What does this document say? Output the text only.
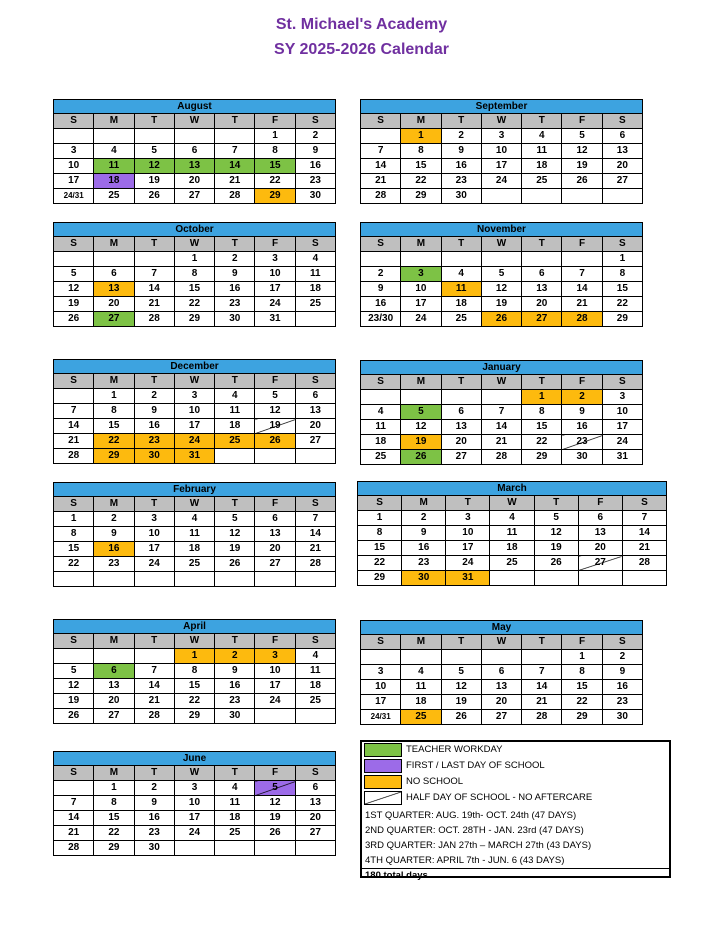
St. Michael's Academy
SY 2025-2026 Calendar
August						
S	M	T	W	T	F	S
					1	2
3	4	5	6	7	8	9
10	11	12	13	14	15	16
17	18	19	20	21	22	23
24/31	25	26	27	28	29	30
September						
S	M	T	W	T	F	S
	1	2	3	4	5	6
7	8	9	10	11	12	13
14	15	16	17	18	19	20
21	22	23	24	25	26	27
28	29	30				
October						
S	M	T	W	T	F	S
			1	2	3	4
5	6	7	8	9	10	11
12	13	14	15	16	17	18
19	20	21	22	23	24	25
26	27	28	29	30	31	
November						
S	M	T	W	T	F	S
						1
2	3	4	5	6	7	8
9	10	11	12	13	14	15
16	17	18	19	20	21	22
23/30	24	25	26	27	28	29
December						
S	M	T	W	T	F	S
	1	2	3	4	5	6
7	8	9	10	11	12	13
14	15	16	17	18	19	20
21	22	23	24	25	26	27
28	29	30	31			
January						
S	M	T	W	T	F	S
				1	2	3
4	5	6	7	8	9	10
11	12	13	14	15	16	17
18	19	20	21	22	23	24
25	26	27	28	29	30	31
February						
S	M	T	W	T	F	S
1	2	3	4	5	6	7
8	9	10	11	12	13	14
15	16	17	18	19	20	21
22	23	24	25	26	27	28

March						
S	M	T	W	T	F	S
1	2	3	4	5	6	7
8	9	10	11	12	13	14
15	16	17	18	19	20	21
22	23	24	25	26	27	28
29	30	31				
April						
S	M	T	W	T	F	S
			1	2	3	4
5	6	7	8	9	10	11
12	13	14	15	16	17	18
19	20	21	22	23	24	25
26	27	28	29	30		
May						
S	M	T	W	T	F	S
					1	2
3	4	5	6	7	8	9
10	11	12	13	14	15	16
17	18	19	20	21	22	23
24/31	25	26	27	28	29	30
June						
S	M	T	W	T	F	S
	1	2	3	4	5	6
7	8	9	10	11	12	13
14	15	16	17	18	19	20
21	22	23	24	25	26	27
28	29	30				
TEACHER WORKDAY
FIRST / LAST DAY OF SCHOOL
NO SCHOOL
HALF DAY OF SCHOOL - NO AFTERCARE
1ST QUARTER: AUG. 19th- OCT. 24th (47 DAYS)
2ND QUARTER: OCT. 28TH - JAN. 23rd (47 DAYS)
3RD QUARTER: JAN 27th – MARCH 27th (43 DAYS)
4TH QUARTER: APRIL 7th - JUN. 6 (43 DAYS)
180 total days
